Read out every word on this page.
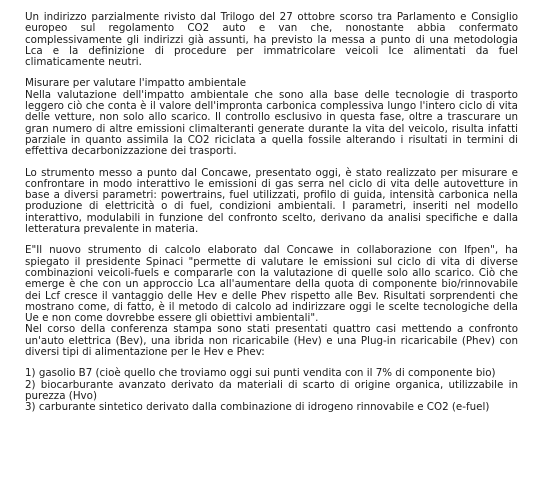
Un indirizzo parzialmente rivisto dal Trilogo del 27 ottobre scorso tra Parlamento e Consiglio europeo sul regolamento CO2 auto e van che, nonostante abbia confermato complessivamente gli indirizzi già assunti, ha previsto la messa a punto di una metodologia Lca e la definizione di procedure per immatricolare veicoli Ice alimentati da fuel climaticamente neutri.

Misurare per valutare l'impatto ambientale

Nella valutazione dell'impatto ambientale che sono alla base delle tecnologie di trasporto leggero ciò che conta è il valore dell'impronta carbonica complessiva lungo l'intero ciclo di vita delle vetture, non solo allo scarico. Il controllo esclusivo in questa fase, oltre a trascurare un gran numero di altre emissioni climalteranti generate durante la vita del veicolo, risulta infatti parziale in quanto assimila la CO2 riciclata a quella fossile alterando i risultati in termini di effettiva decarbonizzazione dei trasporti.

Lo strumento messo a punto dal Concawe, presentato oggi, è stato realizzato per misurare e confrontare in modo interattivo le emissioni di gas serra nel ciclo di vita delle autovetture in base a diversi parametri: powertrains, fuel utilizzati, profilo di guida, intensità carbonica nella produzione di elettricità o di fuel, condizioni ambientali. I parametri, inseriti nel modello interattivo, modulabili in funzione del confronto scelto, derivano da analisi specifiche e dalla letteratura prevalente in materia.

E"Il nuovo strumento di calcolo elaborato dal Concawe in collaborazione con Ifpen", ha spiegato il presidente Spinaci "permette di valutare le emissioni sul ciclo di vita di diverse combinazioni veicoli-fuels e compararle con la valutazione di quelle solo allo scarico. Ciò che emerge è che con un approccio Lca all'aumentare della quota di componente bio/rinnovabile dei Lcf cresce il vantaggio delle Hev e delle Phev rispetto alle Bev. Risultati sorprendenti che mostrano come, di fatto, è il metodo di calcolo ad indirizzare oggi le scelte tecnologiche della Ue e non come dovrebbe essere gli obiettivi ambientali".

Nel corso della conferenza stampa sono stati presentati quattro casi mettendo a confronto un'auto elettrica (Bev), una ibrida non ricaricabile (Hev) e una Plug-in ricaricabile (Phev) con diversi tipi di alimentazione per le Hev e Phev:

1) gasolio B7 (cioè quello che troviamo oggi sui punti vendita con il 7% di componente bio)
2) biocarburante avanzato derivato da materiali di scarto di origine organica, utilizzabile in purezza (Hvo)
3) carburante sintetico derivato dalla combinazione di idrogeno rinnovabile e CO2 (e-fuel)
